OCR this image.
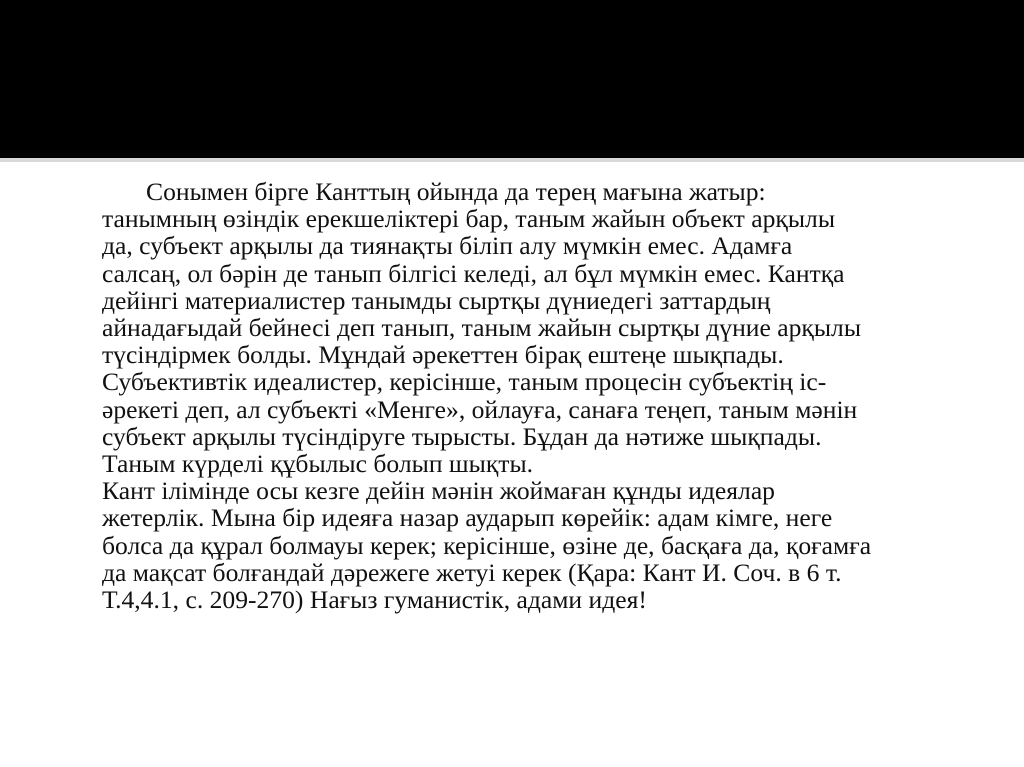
Сонымен бірге Канттың ойында да терең мағына жатыр:
танымның өзіндік ерекшеліктері бар, таным жайын объект арқылы
да, субъект арқылы да тиянақты біліп алу мүмкін емес. Адамға
салсаң, ол бәрін де танып білгісі келеді, ал бұл мүмкін емес. Кантқа
дейінгі материалистер танымды сыртқы дүниедегі заттардың
айнадағыдай бейнесі деп танып, таным жайын сыртқы дүние арқылы
түсіндірмек болды. Мұндай әрекеттен бірақ ештеңе шықпады.
Субъективтік идеалистер, керісінше, таным процесін субъектің іс-
әрекеті деп, ал субъекті «Менге», ойлауға, санаға теңеп, таным мәнін
субъект арқылы түсіндіруге тырысты. Бұдан да нәтиже шықпады.
Таным күрделі құбылыс болып шықты.
Кант ілімінде осы кезге дейін мәнін жоймаған құнды идеялар
жетерлік. Мына бір идеяға назар аударып көрейік: адам кімге, неге
болса да құрал болмауы керек; керісінше, өзіне де, басқаға да, қоғамға
да мақсат болғандай дәрежеге жетуі керек (Қара: Кант И. Соч. в 6 т.
Т.4,4.1, с. 209-270) Нағыз гуманистік, адами идея!
